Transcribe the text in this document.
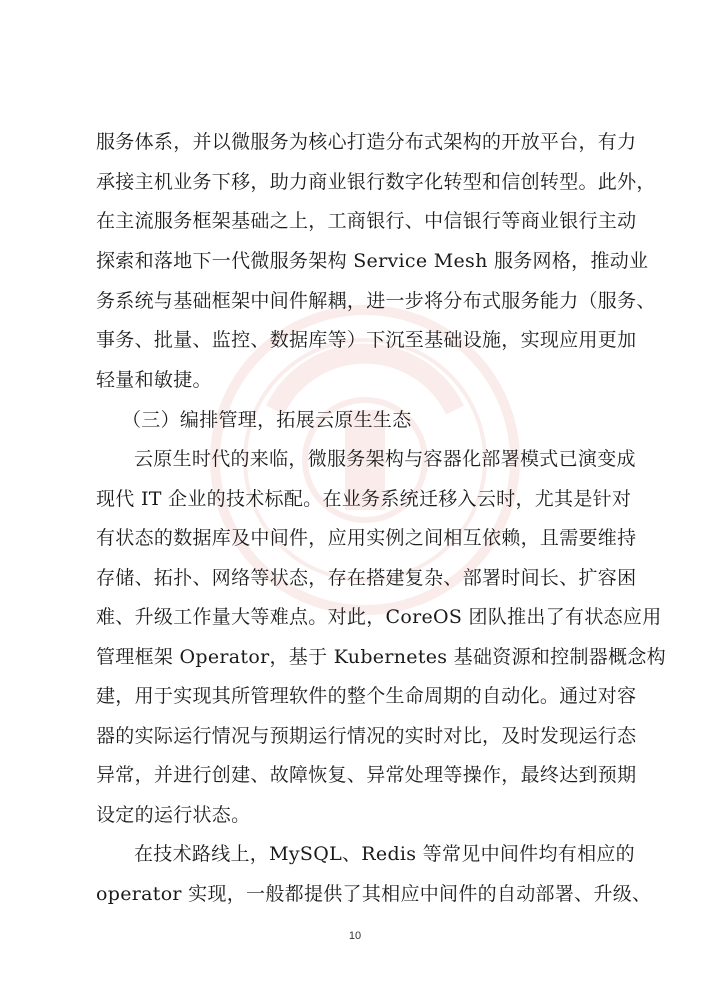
服务体系，并以微服务为核心打造分布式架构的开放平台，有力
承接主机业务下移，助力商业银行数字化转型和信创转型。此外，
在主流服务框架基础之上，工商银行、中信银行等商业银行主动
探索和落地下一代微服务架构 Service Mesh 服务网格，推动业
务系统与基础框架中间件解耦，进一步将分布式服务能力（服务、
事务、批量、监控、数据库等）下沉至基础设施，实现应用更加
轻量和敏捷。
（三）编排管理，拓展云原生生态
云原生时代的来临，微服务架构与容器化部署模式已演变成
现代 IT 企业的技术标配。在业务系统迁移入云时，尤其是针对
有状态的数据库及中间件，应用实例之间相互依赖，且需要维持
存储、拓扑、网络等状态，存在搭建复杂、部署时间长、扩容困
难、升级工作量大等难点。对此，CoreOS 团队推出了有状态应用
管理框架 Operator，基于 Kubernetes 基础资源和控制器概念构
建，用于实现其所管理软件的整个生命周期的自动化。通过对容
器的实际运行情况与预期运行情况的实时对比，及时发现运行态
异常，并进行创建、故障恢复、异常处理等操作，最终达到预期
设定的运行状态。
在技术路线上，MySQL、Redis 等常见中间件均有相应的
operator 实现，一般都提供了其相应中间件的自动部署、升级、
10
